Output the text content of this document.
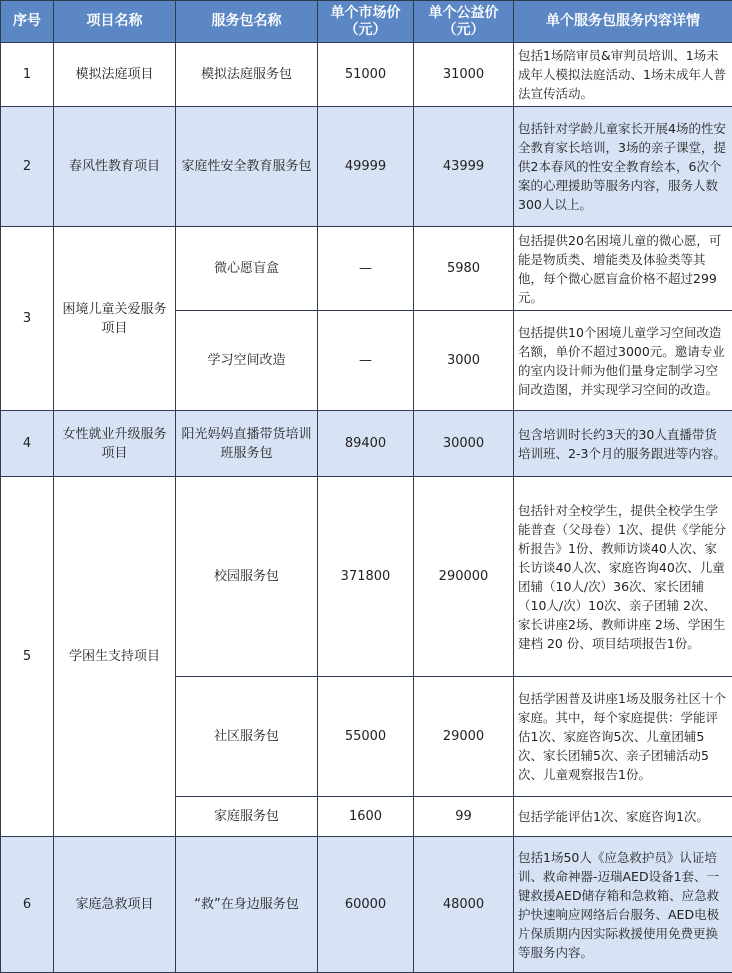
序号	项目名称	服务包名称	单个市场价（元）	单个公益价（元）	单个服务包服务内容详情
1	模拟法庭项目	模拟法庭服务包	51000	31000	包括1场陪审员&审判员培训、1场未成年人模拟法庭活动、1场未成年人普法宣传活动。
2	春风性教育项目	家庭性安全教育服务包	49999	43999	包括针对学龄儿童家长开展4场的性安全教育家长培训，3场的亲子课堂，提供2本春风的性安全教育绘本，6次个案的心理援助等服务内容，服务人数300人以上。
3	困境儿童关爱服务项目	微心愿盲盒	—	5980	包括提供20名困境儿童的微心愿，可能是物质类、增能类及体验类等其他，每个微心愿盲盒价格不超过299元。
		学习空间改造	—	3000	包括提供10个困境儿童学习空间改造名额，单价不超过3000元。邀请专业的室内设计师为他们量身定制学习空间改造图，并实现学习空间的改造。
4	女性就业升级服务项目	阳光妈妈直播带货培训班服务包	89400	30000	包含培训时长约3天的30人直播带货培训班、2-3个月的服务跟进等内容。
5	学困生支持项目	校园服务包	371800	290000	包括针对全校学生，提供全校学生学能普查（父母卷）1次、提供《学能分析报告》1份、教师访谈40人次、家长访谈40人次、家庭咨询40次、儿童团辅（10人/次）36次、家长团辅（10人/次）10次、亲子团辅 2次、家长讲座2场、教师讲座 2场、学困生建档 20 份、项目结项报告1份。
		社区服务包	55000	29000	包括学困普及讲座1场及服务社区十个家庭。其中，每个家庭提供：学能评估1次、家庭咨询5次、儿童团辅5次、家长团辅5次、亲子团辅活动5次、儿童观察报告1份。
		家庭服务包	1600	99	包括学能评估1次、家庭咨询1次。
6	家庭急救项目	“救”在身边服务包	60000	48000	包括1场50人《应急救护员》认证培训、救命神器-迈瑞AED设备1套、一键救援AED储存箱和急救箱、应急救护快速响应网络后台服务、AED电极片保质期内因实际救援使用免费更换等服务内容。
